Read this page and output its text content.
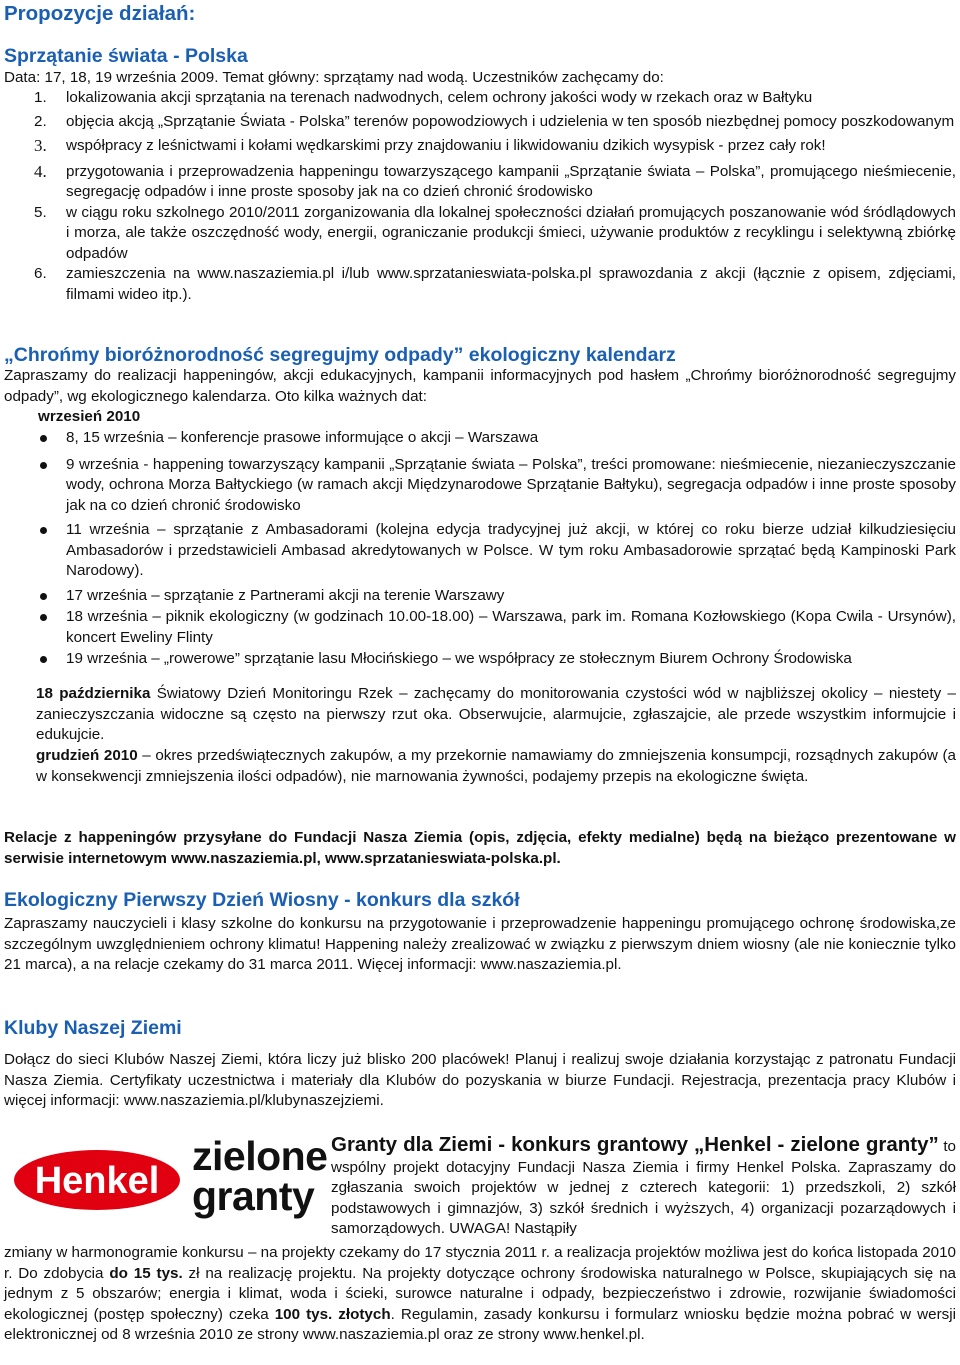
Propozycje działań:
Sprzątanie świata - Polska
Data: 17, 18, 19 września 2009. Temat główny: sprzątamy nad wodą. Uczestników zachęcamy do:
1.	lokalizowania akcji sprzątania na terenach nadwodnych, celem ochrony jakości wody w rzekach oraz w Bałtyku
2.	objęcia akcją „Sprzątanie Świata - Polska” terenów popowodziowych i udzielenia w ten sposób niezbędnej pomocy poszkodowanym
3.	współpracy z leśnictwami i kołami wędkarskimi przy znajdowaniu i likwidowaniu dzikich wysypisk - przez cały rok!
4.	przygotowania i przeprowadzenia happeningu towarzyszącego kampanii „Sprzątanie świata – Polska”, promującego nieśmiecenie, segregację odpadów i inne proste sposoby jak na co dzień chronić środowisko
5.	w ciągu roku szkolnego 2010/2011 zorganizowania dla lokalnej społeczności działań promujących poszanowanie wód śródlądowych i morza, ale także oszczędność wody, energii, ograniczanie produkcji śmieci, używanie produktów z recyklingu i selektywną zbiórkę odpadów
6.	zamieszczenia na www.naszaziemia.pl i/lub www.sprzatanieswiata-polska.pl sprawozdania z akcji (łącznie z opisem, zdjęciami, filmami wideo itp.).
„Chrońmy bioróżnorodność segregujmy odpady” ekologiczny kalendarz
Zapraszamy do realizacji happeningów, akcji edukacyjnych, kampanii informacyjnych pod hasłem „Chrońmy bioróżnorodność segregujmy odpady”, wg ekologicznego kalendarza. Oto kilka ważnych dat:
wrzesień 2010
8, 15 września – konferencje prasowe informujące o akcji – Warszawa
9 września - happening towarzyszący kampanii „Sprzątanie świata – Polska”, treści promowane: nieśmiecenie, niezanieczyszczanie wody, ochrona Morza Bałtyckiego (w ramach akcji Międzynarodowe Sprzątanie Bałtyku), segregacja odpadów i inne proste sposoby jak na co dzień chronić środowisko
11 września – sprzątanie z Ambasadorami (kolejna edycja tradycyjnej już akcji, w której co roku bierze udział kilkudziesięciu Ambasadorów i przedstawicieli Ambasad akredytowanych w Polsce. W tym roku Ambasadorowie sprzątać będą Kampinoski Park Narodowy).
17 września – sprzątanie z Partnerami akcji na terenie Warszawy
18 września – piknik ekologiczny (w godzinach 10.00-18.00) – Warszawa, park im. Romana Kozłowskiego (Kopa Cwila - Ursynów), koncert Eweliny Flinty
19 września – „rowerowe” sprzątanie lasu Młocińskiego – we współpracy ze stołecznym Biurem Ochrony Środowiska
18 października Światowy Dzień Monitoringu Rzek – zachęcamy do monitorowania czystości wód w najbliższej okolicy – niestety – zanieczyszczania widoczne są często na pierwszy rzut oka. Obserwujcie, alarmujcie, zgłaszajcie, ale przede wszystkim informujcie i edukujcie.
grudzień 2010 – okres przedświątecznych zakupów, a my przekornie namawiamy do zmniejszenia konsumpcji, rozsądnych zakupów (a w konsekwencji zmniejszenia ilości odpadów), nie marnowania żywności, podajemy przepis na ekologiczne święta.
Relacje z happeningów przysyłane do Fundacji Nasza Ziemia (opis, zdjęcia, efekty medialne) będą na bieżąco prezentowane w serwisie internetowym www.naszaziemia.pl, www.sprzatanieswiata-polska.pl.
Ekologiczny Pierwszy Dzień Wiosny - konkurs dla szkół
Zapraszamy nauczycieli i klasy szkolne do konkursu na przygotowanie i przeprowadzenie happeningu promującego ochronę środowiska,ze szczególnym uwzględnieniem ochrony klimatu! Happening należy zrealizować w związku z pierwszym dniem wiosny (ale nie koniecznie tylko 21 marca), a na relacje czekamy do 31 marca 2011. Więcej informacji: www.naszaziemia.pl.
Kluby Naszej Ziemi
Dołącz do sieci Klubów Naszej Ziemi, która liczy już blisko 200 placówek! Planuj i realizuj swoje działania korzystając z patronatu Fundacji Nasza Ziemia. Certyfikaty uczestnictwa i materiały dla Klubów do pozyskania w biurze Fundacji. Rejestracja, prezentacja pracy Klubów i więcej informacji: www.naszaziemia.pl/klubynaszejziemi.
Henkel
zielone
granty
Granty dla Ziemi - konkurs grantowy „Henkel - zielone granty” to wspólny projekt dotacyjny Fundacji Nasza Ziemia i firmy Henkel Polska. Zapraszamy do zgłaszania swoich projektów w jednej z czterech kategorii: 1) przedszkoli, 2) szkół podstawowych i gimnazjów, 3) szkół średnich i wyższych, 4) organizacji pozarządowych i samorządowych. UWAGA! Nastąpiły
zmiany w harmonogramie konkursu – na projekty czekamy do 17 stycznia 2011 r. a realizacja projektów możliwa jest do końca listopada 2010 r. Do zdobycia do 15 tys. zł na realizację projektu. Na projekty dotyczące ochrony środowiska naturalnego w Polsce, skupiających się na jednym z 5 obszarów; energia i klimat, woda i ścieki, surowce naturalne i odpady, bezpieczeństwo i zdrowie, rozwijanie świadomości ekologicznej (postęp społeczny) czeka 100 tys. złotych. Regulamin, zasady konkursu i formularz wniosku będzie można pobrać w wersji elektronicznej od 8 września 2010 ze strony www.naszaziemia.pl oraz ze strony www.henkel.pl.
